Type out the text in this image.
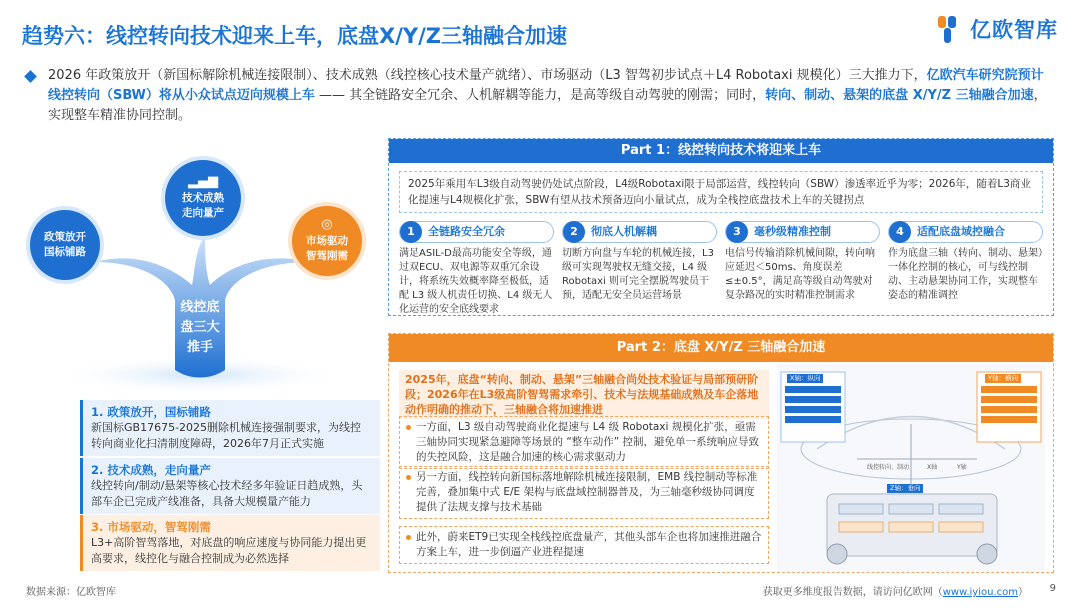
趋势六：线控转向技术迎来上车，底盘X/Y/Z三轴融合加速	亿欧智库

2026 年政策放开（新国标解除机械连接限制）、技术成熟（线控核心技术量产就绪）、市场驱动（L3 智驾初步试点＋L4 Robotaxi 规模化）三大推力下，亿欧汽车研究院预计线控转向（SBW）将从小众试点迈向规模上车 —— 其全链路安全冗余、人机解耦等能力，是高等级自动驾驶的刚需；同时，转向、制动、悬架的底盘 X/Y/Z 三轴融合加速，实现整车精准协同控制。

线控底
盘三大
推手
政策放开
国标铺路
▂▄▆
技术成熟
走向量产
◎
市场驱动
智驾刚需
1. 政策放开，国标铺路
新国标GB17675-2025删除机械连接强制要求，为线控转向商业化扫清制度障碍，2026年7月正式实施
2. 技术成熟，走向量产
线控转向/制动/悬架等核心技术经多年验证日趋成熟，头部车企已完成产线准备，具备大规模量产能力
3. 市场驱动，智驾刚需
L3+高阶智驾落地，对底盘的响应速度与协同能力提出更高要求，线控化与融合控制成为必然选择
Part 1：线控转向技术将迎来上车
2025年乘用车L3级自动驾驶仍处试点阶段，L4级Robotaxi限于局部运营，线控转向（SBW）渗透率近乎为零；2026年，随着L3商业化提速与L4规模化扩张，SBW有望从技术预备迈向小量试点，成为全栈控底盘技术上车的关键拐点
1	全链路安全冗余
满足ASIL-D最高功能安全等级，通过双ECU、双电源等双重冗余设计，将系统失效概率降至极低，适配 L3 级人机责任切换、L4 级无人化运营的安全底线要求
2	彻底人机解耦
切断方向盘与车轮的机械连接，L3 级可实现驾驶权无缝交接，L4 级 Robotaxi 则可完全摆脱驾驶员干预，适配无安全员运营场景
3	毫秒级精准控制
电信号传输消除机械间隙，转向响应延迟＜50ms、角度误差≤±0.5°，满足高等级自动驾驶对复杂路况的实时精准控制需求
4	适配底盘域控融合
作为底盘三轴（转向、制动、悬架）一体化控制的核心，可与线控制动、主动悬架协同工作，实现整车姿态的精准调控
Part 2：底盘 X/Y/Z 三轴融合加速
2025年，底盘“转向、制动、悬架”三轴融合尚处技术验证与局部预研阶段；2026年在L3级高阶智驾需求牵引、技术与法规基础成熟及车企落地动作明确的推动下，三轴融合将加速推进
一方面，L3 级自动驾驶商业化提速与 L4 级 Robotaxi 规模化扩张，亟需三轴协同实现紧急避障等场景的 “整车动作” 控制，避免单一系统响应导致的失控风险，这是融合加速的核心需求驱动力
另一方面，线控转向新国标落地解除机械连接限制，EMB 线控制动等标准完善，叠加集中式 E/E 架构与底盘域控制器普及，为三轴毫秒级协同调度提供了法规支撑与技术基础
此外，蔚来ET9已实现全栈线控底盘量产，其他头部车企也将加速推进融合方案上车，进一步倒逼产业进程提速
X轴：纵向	Y轴：横向
Z轴：垂向
线控转向、制动	X轴	Y轴
数据来源：亿欧智库	获取更多维度报告数据，请访问亿欧网（www.iyiou.com） 9
